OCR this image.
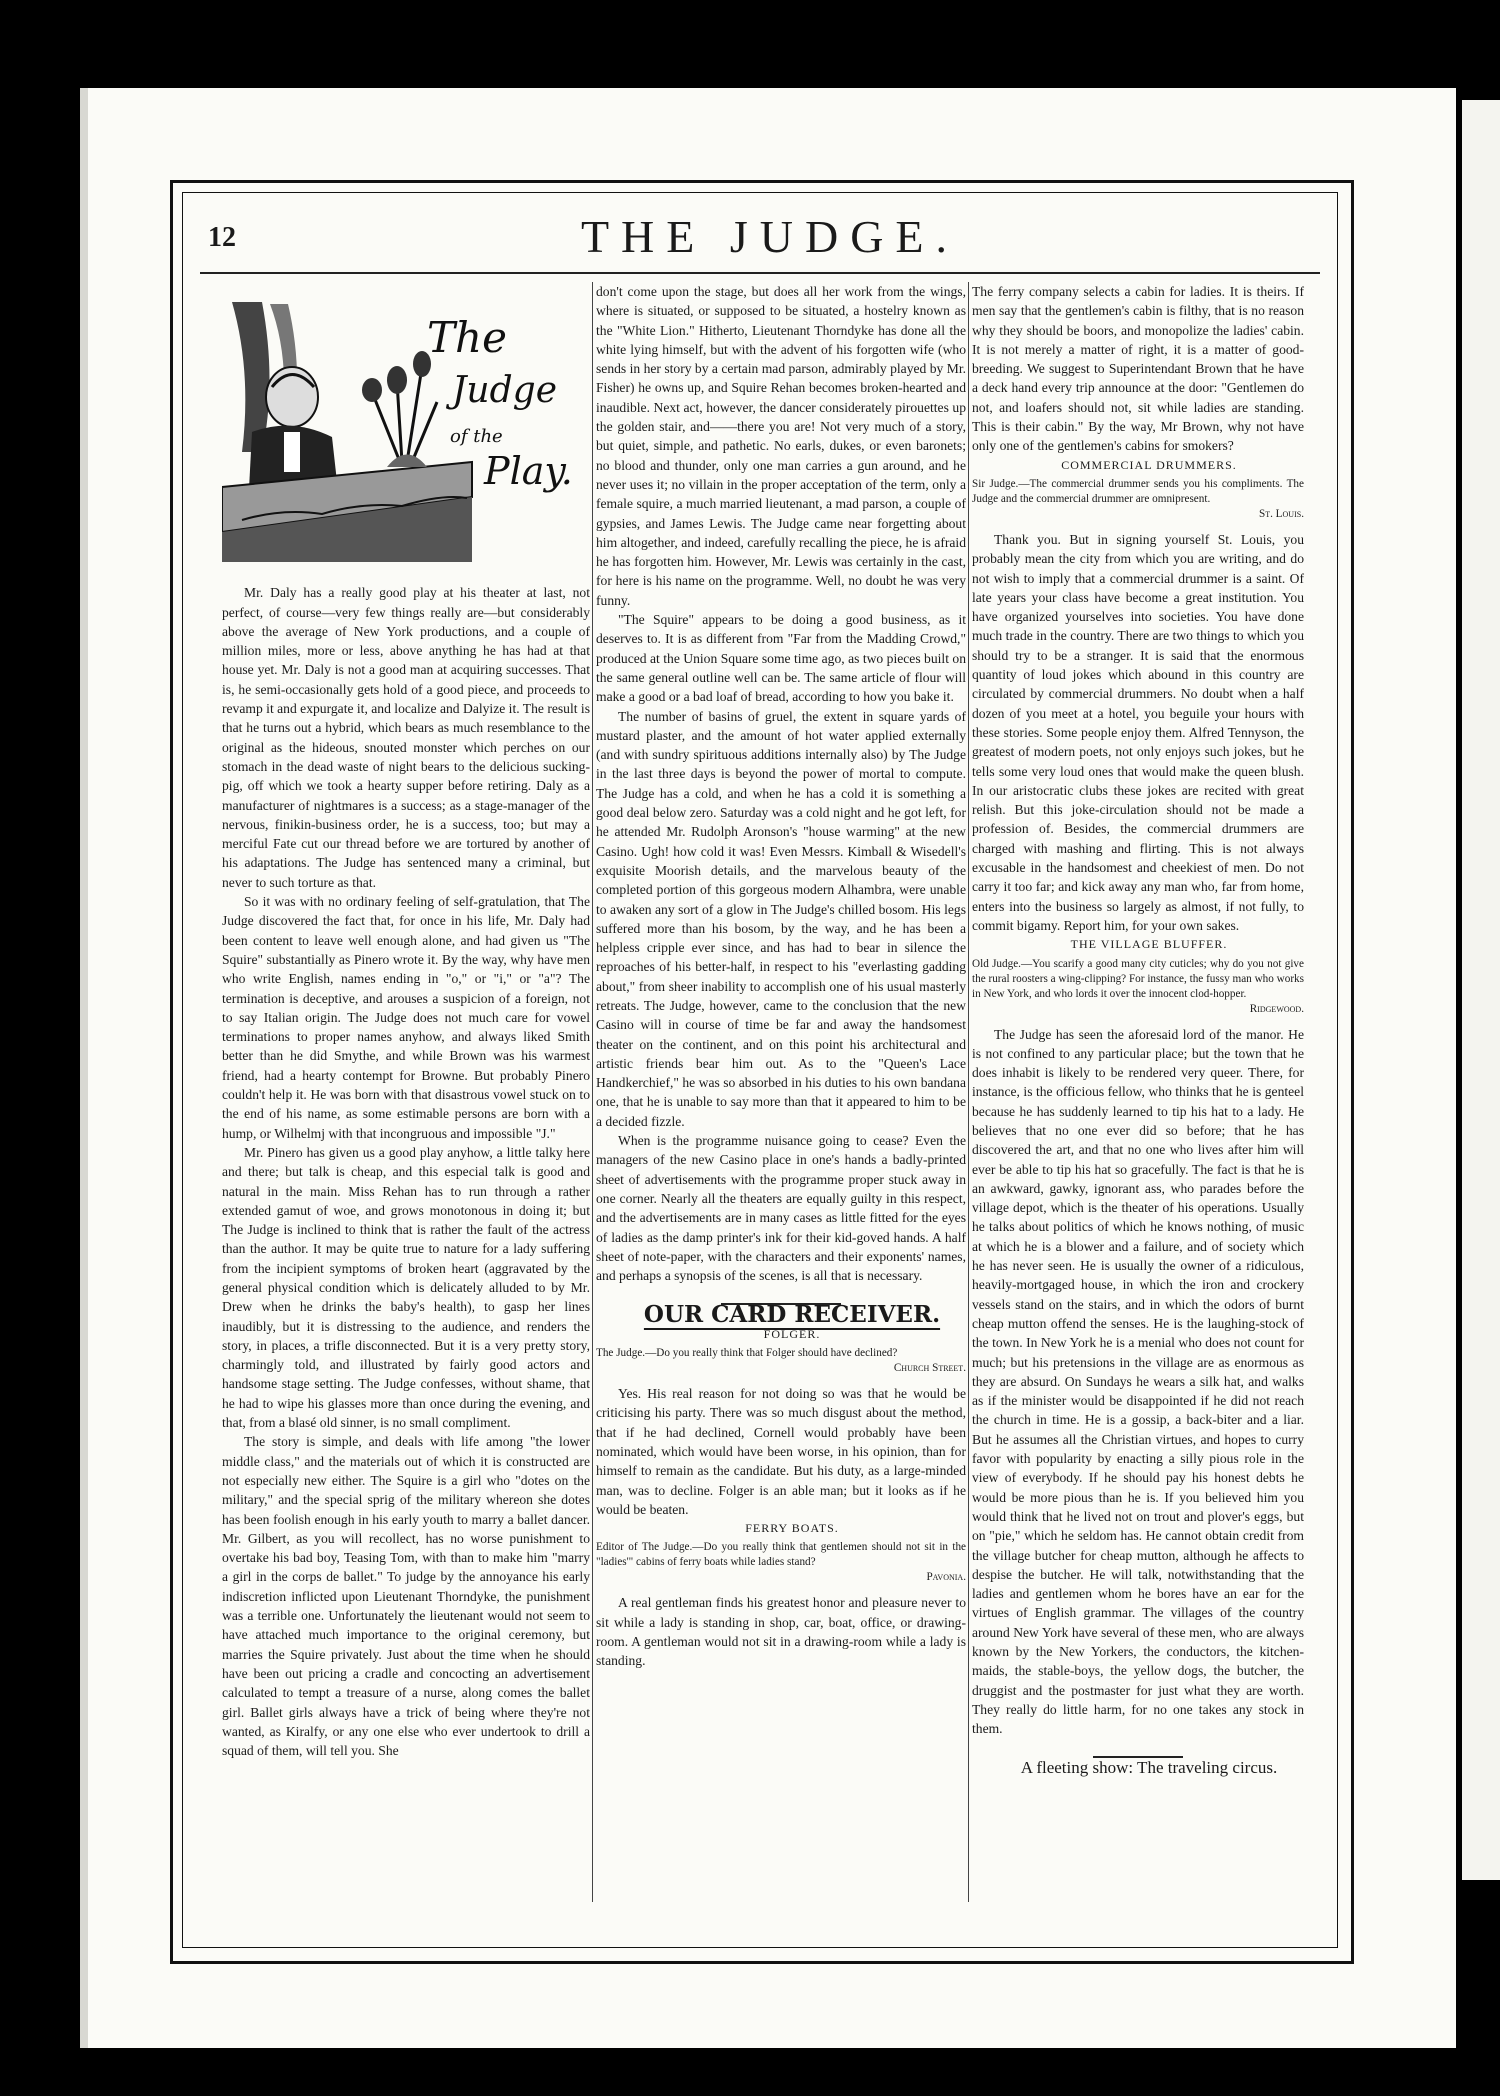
12	THE JUDGE.
The
Judge
of the
Play.

Mr. Daly has a really good play at his theater at last, not perfect, of course—very few things really are—but considerably above the average of New York productions, and a couple of million miles, more or less, above anything he has had at that house yet. Mr. Daly is not a good man at acquiring successes. That is, he semi-occasionally gets hold of a good piece, and proceeds to revamp it and expurgate it, and localize and Dalyize it. The result is that he turns out a hybrid, which bears as much resemblance to the original as the hideous, snouted monster which perches on our stomach in the dead waste of night bears to the delicious sucking-pig, off which we took a hearty supper before retiring. Daly as a manufacturer of nightmares is a success; as a stage-manager of the nervous, finikin-business order, he is a success, too; but may a merciful Fate cut our thread before we are tortured by another of his adaptations. The Judge has sentenced many a criminal, but never to such torture as that.

So it was with no ordinary feeling of self-gratulation, that The Judge discovered the fact that, for once in his life, Mr. Daly had been content to leave well enough alone, and had given us "The Squire" substantially as Pinero wrote it. By the way, why have men who write English, names ending in "o," or "i," or "a"? The termination is deceptive, and arouses a suspicion of a foreign, not to say Italian origin. The Judge does not much care for vowel terminations to proper names anyhow, and always liked Smith better than he did Smythe, and while Brown was his warmest friend, had a hearty contempt for Browne. But probably Pinero couldn't help it. He was born with that disastrous vowel stuck on to the end of his name, as some estimable persons are born with a hump, or Wilhelmj with that incongruous and impossible "J."

Mr. Pinero has given us a good play anyhow, a little talky here and there; but talk is cheap, and this especial talk is good and natural in the main. Miss Rehan has to run through a rather extended gamut of woe, and grows monotonous in doing it; but The Judge is inclined to think that is rather the fault of the actress than the author. It may be quite true to nature for a lady suffering from the incipient symptoms of broken heart (aggravated by the general physical condition which is delicately alluded to by Mr. Drew when he drinks the baby's health), to gasp her lines inaudibly, but it is distressing to the audience, and renders the story, in places, a trifle disconnected. But it is a very pretty story, charmingly told, and illustrated by fairly good actors and handsome stage setting. The Judge confesses, without shame, that he had to wipe his glasses more than once during the evening, and that, from a blasé old sinner, is no small compliment.

The story is simple, and deals with life among "the lower middle class," and the materials out of which it is constructed are not especially new either. The Squire is a girl who "dotes on the military," and the special sprig of the military whereon she dotes has been foolish enough in his early youth to marry a ballet dancer. Mr. Gilbert, as you will recollect, has no worse punishment to overtake his bad boy, Teasing Tom, with than to make him "marry a girl in the corps de ballet." To judge by the annoyance his early indiscretion inflicted upon Lieutenant Thorndyke, the punishment was a terrible one. Unfortunately the lieutenant would not seem to have attached much importance to the original ceremony, but marries the Squire privately. Just about the time when he should have been out pricing a cradle and concocting an advertisement calculated to tempt a treasure of a nurse, along comes the ballet girl. Ballet girls always have a trick of being where they're not wanted, as Kiralfy, or any one else who ever undertook to drill a squad of them, will tell you. She

don't come upon the stage, but does all her work from the wings, where is situated, or supposed to be situated, a hostelry known as the "White Lion." Hitherto, Lieutenant Thorndyke has done all the white lying himself, but with the advent of his forgotten wife (who sends in her story by a certain mad parson, admirably played by Mr. Fisher) he owns up, and Squire Rehan becomes broken-hearted and inaudible. Next act, however, the dancer considerately pirouettes up the golden stair, and——there you are! Not very much of a story, but quiet, simple, and pathetic. No earls, dukes, or even baronets; no blood and thunder, only one man carries a gun around, and he never uses it; no villain in the proper acceptation of the term, only a female squire, a much married lieutenant, a mad parson, a couple of gypsies, and James Lewis. The Judge came near forgetting about him altogether, and indeed, carefully recalling the piece, he is afraid he has forgotten him. However, Mr. Lewis was certainly in the cast, for here is his name on the programme. Well, no doubt he was very funny.

"The Squire" appears to be doing a good business, as it deserves to. It is as different from "Far from the Madding Crowd," produced at the Union Square some time ago, as two pieces built on the same general outline well can be. The same article of flour will make a good or a bad loaf of bread, according to how you bake it.

The number of basins of gruel, the extent in square yards of mustard plaster, and the amount of hot water applied externally (and with sundry spirituous additions internally also) by The Judge in the last three days is beyond the power of mortal to compute. The Judge has a cold, and when he has a cold it is something a good deal below zero. Saturday was a cold night and he got left, for he attended Mr. Rudolph Aronson's "house warming" at the new Casino. Ugh! how cold it was! Even Messrs. Kimball & Wisedell's exquisite Moorish details, and the marvelous beauty of the completed portion of this gorgeous modern Alhambra, were unable to awaken any sort of a glow in The Judge's chilled bosom. His legs suffered more than his bosom, by the way, and he has been a helpless cripple ever since, and has had to bear in silence the reproaches of his better-half, in respect to his "everlasting gadding about," from sheer inability to accomplish one of his usual masterly retreats. The Judge, however, came to the conclusion that the new Casino will in course of time be far and away the handsomest theater on the continent, and on this point his architectural and artistic friends bear him out. As to the "Queen's Lace Handkerchief," he was so absorbed in his duties to his own bandana one, that he is unable to say more than that it appeared to him to be a decided fizzle.

When is the programme nuisance going to cease? Even the managers of the new Casino place in one's hands a badly-printed sheet of advertisements with the programme proper stuck away in one corner. Nearly all the theaters are equally guilty in this respect, and the advertisements are in many cases as little fitted for the eyes of ladies as the damp printer's ink for their kid-goved hands. A half sheet of note-paper, with the characters and their exponents' names, and perhaps a synopsis of the scenes, is all that is necessary.

OUR CARD RECEIVER.

FOLGER.

The Judge.—Do you really think that Folger should have declined?
Church Street.

Yes. His real reason for not doing so was that he would be criticising his party. There was so much disgust about the method, that if he had declined, Cornell would probably have been nominated, which would have been worse, in his opinion, than for himself to remain as the candidate. But his duty, as a large-minded man, was to decline. Folger is an able man; but it looks as if he would be beaten.

FERRY BOATS.

Editor of The Judge.—Do you really think that gentlemen should not sit in the "ladies'" cabins of ferry boats while ladies stand?
Pavonia.

A real gentleman finds his greatest honor and pleasure never to sit while a lady is standing in shop, car, boat, office, or drawing-room. A gentleman would not sit in a drawing-room while a lady is standing.

The ferry company selects a cabin for ladies. It is theirs. If men say that the gentlemen's cabin is filthy, that is no reason why they should be boors, and monopolize the ladies' cabin. It is not merely a matter of right, it is a matter of good-breeding. We suggest to Superintendant Brown that he have a deck hand every trip announce at the door: "Gentlemen do not, and loafers should not, sit while ladies are standing. This is their cabin." By the way, Mr Brown, why not have only one of the gentlemen's cabins for smokers?

COMMERCIAL DRUMMERS.

Sir Judge.—The commercial drummer sends you his compliments. The Judge and the commercial drummer are omnipresent.
St. Louis.

Thank you. But in signing yourself St. Louis, you probably mean the city from which you are writing, and do not wish to imply that a commercial drummer is a saint. Of late years your class have become a great institution. You have organized yourselves into societies. You have done much trade in the country. There are two things to which you should try to be a stranger. It is said that the enormous quantity of loud jokes which abound in this country are circulated by commercial drummers. No doubt when a half dozen of you meet at a hotel, you beguile your hours with these stories. Some people enjoy them. Alfred Tennyson, the greatest of modern poets, not only enjoys such jokes, but he tells some very loud ones that would make the queen blush. In our aristocratic clubs these jokes are recited with great relish. But this joke-circulation should not be made a profession of. Besides, the commercial drummers are charged with mashing and flirting. This is not always excusable in the handsomest and cheekiest of men. Do not carry it too far; and kick away any man who, far from home, enters into the business so largely as almost, if not fully, to commit bigamy. Report him, for your own sakes.

THE VILLAGE BLUFFER.

Old Judge.—You scarify a good many city cuticles; why do you not give the rural roosters a wing-clipping? For instance, the fussy man who works in New York, and who lords it over the innocent clod-hopper.
Ridgewood.

The Judge has seen the aforesaid lord of the manor. He is not confined to any particular place; but the town that he does inhabit is likely to be rendered very queer. There, for instance, is the officious fellow, who thinks that he is genteel because he has suddenly learned to tip his hat to a lady. He believes that no one ever did so before; that he has discovered the art, and that no one who lives after him will ever be able to tip his hat so gracefully. The fact is that he is an awkward, gawky, ignorant ass, who parades before the village depot, which is the theater of his operations. Usually he talks about politics of which he knows nothing, of music at which he is a blower and a failure, and of society which he has never seen. He is usually the owner of a ridiculous, heavily-mortgaged house, in which the iron and crockery vessels stand on the stairs, and in which the odors of burnt cheap mutton offend the senses. He is the laughing-stock of the town. In New York he is a menial who does not count for much; but his pretensions in the village are as enormous as they are absurd. On Sundays he wears a silk hat, and walks as if the minister would be disappointed if he did not reach the church in time. He is a gossip, a back-biter and a liar. But he assumes all the Christian virtues, and hopes to curry favor with popularity by enacting a silly pious role in the view of everybody. If he should pay his honest debts he would be more pious than he is. If you believed him you would think that he lived not on trout and plover's eggs, but on "pie," which he seldom has. He cannot obtain credit from the village butcher for cheap mutton, although he affects to despise the butcher. He will talk, notwithstanding that the ladies and gentlemen whom he bores have an ear for the virtues of English grammar. The villages of the country around New York have several of these men, who are always known by the New Yorkers, the conductors, the kitchen-maids, the stable-boys, the yellow dogs, the butcher, the druggist and the postmaster for just what they are worth. They really do little harm, for no one takes any stock in them.

A fleeting show: The traveling circus.
